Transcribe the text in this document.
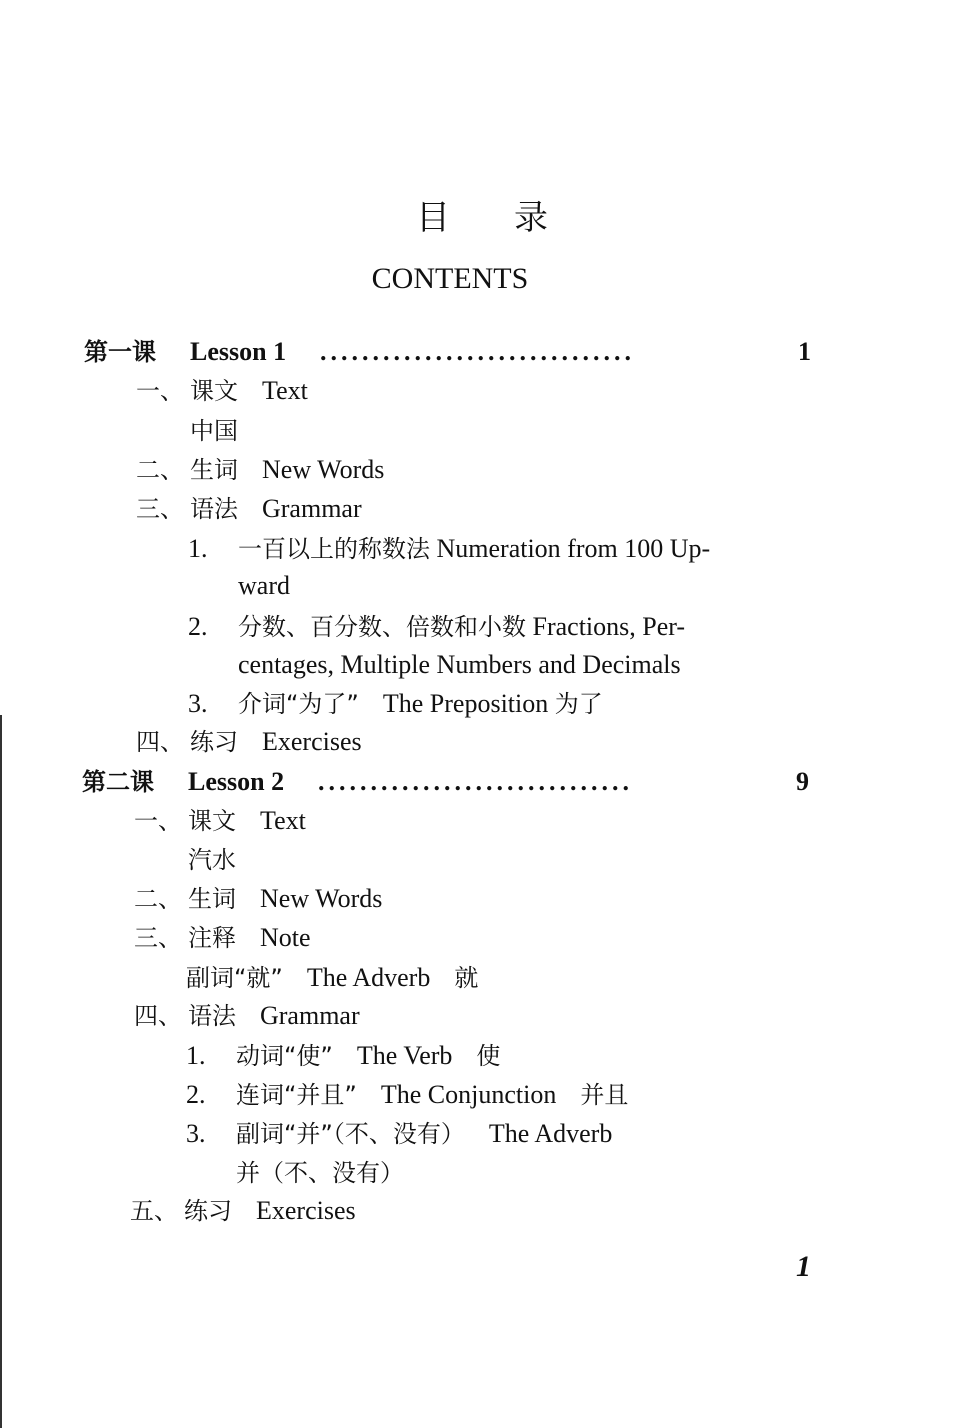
目录
CONTENTS
第一课 Lesson 1 ..............................	1
一、 课文 Text
中国
二、 生词 New Words
三、 语法 Grammar
1. 一百以上的称数法 Numeration from 100 Up-
ward
2. 分数、百分数、倍数和小数 Fractions, Per-
centages, Multiple Numbers and Decimals
3. 介词“为了” The Preposition 为了
四、 练习 Exercises
第二课 Lesson 2 ..............................	9
一、 课文 Text
汽水
二、 生词 New Words
三、 注释 Note
副词“就” The Adverb 就
四、 语法 Grammar
1. 动词“使” The Verb 使
2. 连词“并且” The Conjunction 并且
3. 副词“并”（不、没有） The Adverb
并（不、没有）
五、 练习 Exercises
1
